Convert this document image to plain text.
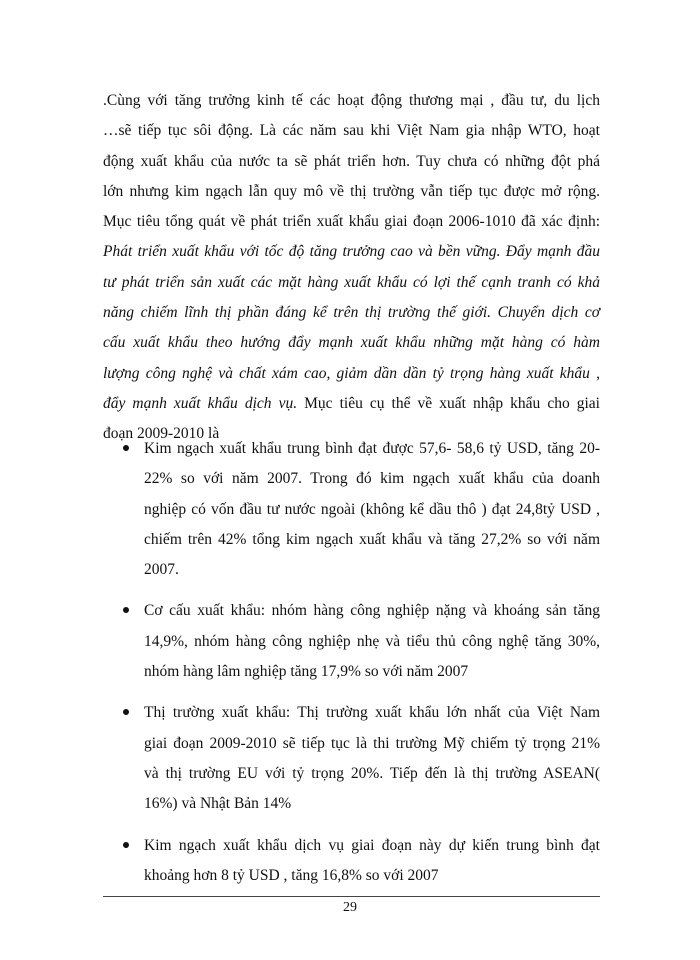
.Cùng với tăng trưởng kinh tế các hoạt động thương mại , đầu tư, du lịch
…sẽ tiếp tục sôi động. Là các năm sau khi Việt Nam gia nhập WTO, hoạt
động xuất khẩu của nước ta sẽ phát triển hơn. Tuy chưa có những đột phá
lớn nhưng kim ngạch lẫn quy mô về thị trường vẫn tiếp tục được mở rộng.
Mục tiêu tổng quát về phát triển xuất khẩu giai đoạn 2006-1010 đã xác định:
Phát triển xuất khẩu với tốc độ tăng trưởng cao và bền vững. Đẩy mạnh đầu
tư phát triển sản xuất các mặt hàng xuất khẩu có lợi thế cạnh tranh có khả
năng chiếm lĩnh thị phần đáng kể trên thị trường thế giới. Chuyển dịch cơ
cấu xuất khẩu theo hướng đẩy mạnh xuất khẩu những mặt hàng có hàm
lượng công nghệ và chất xám cao, giảm dần dần tỷ trọng hàng xuất khẩu ,
đẩy mạnh xuất khẩu dịch vụ. Mục tiêu cụ thể về xuất nhập khẩu cho giai
đoạn 2009-2010 là
Kim ngạch xuất khẩu trung bình đạt được 57,6- 58,6 tỷ USD, tăng 20-
22% so với năm 2007. Trong đó kim ngạch xuất khẩu của doanh
nghiệp có vốn đầu tư nước ngoài (không kể dầu thô ) đạt 24,8tỷ USD ,
chiếm trên 42% tổng kim ngạch xuất khẩu và tăng 27,2% so với năm
2007.
Cơ cấu xuất khẩu: nhóm hàng công nghiệp nặng và khoáng sản tăng
14,9%, nhóm hàng công nghiệp nhẹ và tiểu thủ công nghệ tăng 30%,
nhóm hàng lâm nghiệp tăng 17,9% so với năm 2007
Thị trường xuất khẩu: Thị trường xuất khẩu lớn nhất của Việt Nam
giai đoạn 2009-2010 sẽ tiếp tục là thi trường Mỹ chiếm tỷ trọng 21%
và thị trường EU với tỷ trọng 20%. Tiếp đến là thị trường ASEAN(
16%) và Nhật Bản 14%
Kim ngạch xuất khẩu dịch vụ giai đoạn này dự kiến trung bình đạt
khoảng hơn 8 tỷ USD , tăng 16,8% so với 2007
29
